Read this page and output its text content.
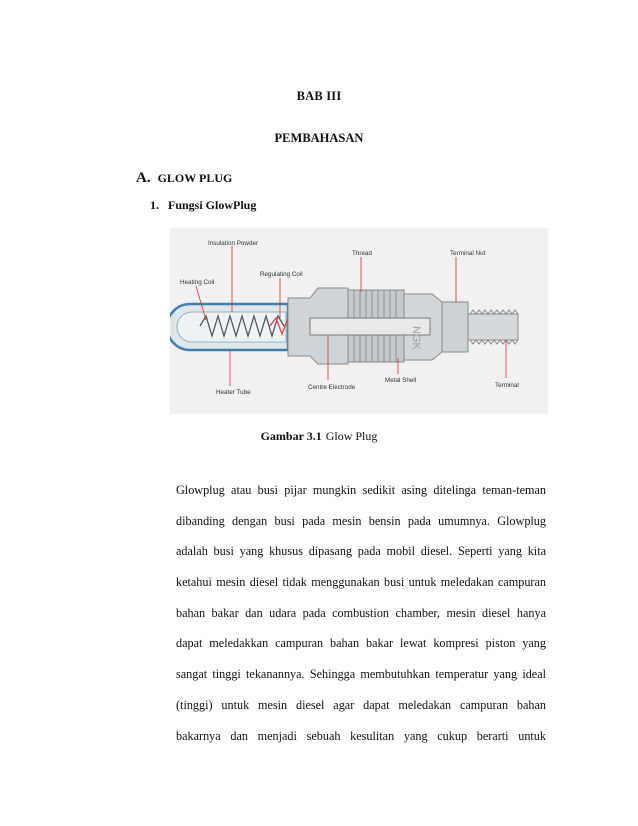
BAB III
PEMBAHASAN
A. GLOW PLUG
1. Fungsi GlowPlug
NGK
Insulation Powder
Heating Coil
Regulating Coil
Thread	Terminal Nut
Heater Tube
Centre Electrode
Metal Shell
Terminal
Gambar 3.1 Glow Plug
Glowplug atau busi pijar mungkin sedikit asing ditelinga teman-teman
dibanding dengan busi pada mesin bensin pada umumnya. Glowplug
adalah busi yang khusus dipasang pada mobil diesel. Seperti yang kita
ketahui mesin diesel tidak menggunakan busi untuk meledakan campuran
bahan bakar dan udara pada combustion chamber, mesin diesel hanya
dapat meledakkan campuran bahan bakar lewat kompresi piston yang
sangat tinggi tekanannya. Sehingga membutuhkan temperatur yang ideal
(tinggi) untuk mesin diesel agar dapat meledakan campuran bahan
bakarnya dan menjadi sebuah kesulitan yang cukup berarti untuk
